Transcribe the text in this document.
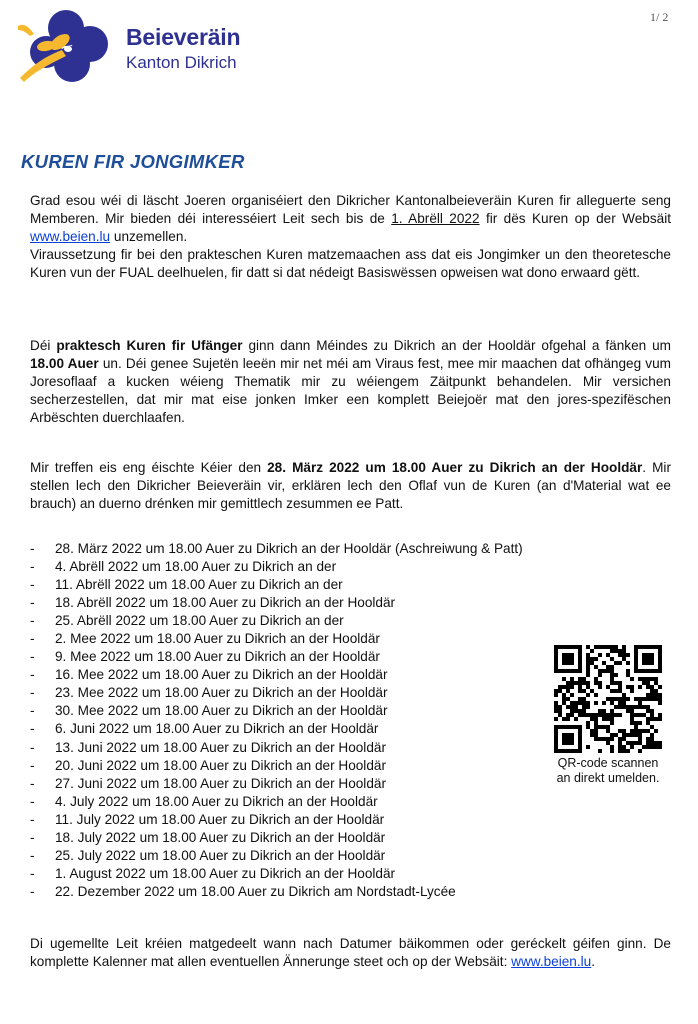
1/ 2
Beieveräin
Kanton Dikrich
KUREN FIR JONGIMKER

Grad esou wéi di läscht Joeren organiséiert den Dikricher Kantonalbeieveräin Kuren fir alleguerte seng Memberen. Mir bieden déi interesséiert Leit sech bis de 1. Abrëll 2022 fir dës Kuren op der Websäit www.beien.lu unzemellen.

Viraussetzung fir bei den prakteschen Kuren matzemaachen ass dat eis Jongimker un den theoretesche Kuren vun der FUAL deelhuelen, fir datt si dat nédeigt Basiswëssen opweisen wat dono erwaard gëtt.

Déi praktesch Kuren fir Ufänger ginn dann Méindes zu Dikrich an der Hooldär ofgehal a fänken um 18.00 Auer un. Déi genee Sujetën leeën mir net méi am Viraus fest, mee mir maachen dat ofhängeg vum Joresoflaaf a kucken wéieng Thematik mir zu wéiengem Zäitpunkt behandelen. Mir versichen secherzestellen, dat mir mat eise jonken Imker een komplett Beiejoër mat den jores-spezifëschen Arbëschten duerchlaafen.

Mir treffen eis eng éischte Kéier den 28. März 2022 um 18.00 Auer zu Dikrich an der Hooldär. Mir stellen lech den Dikricher Beieveräin vir, erklären lech den Oflaf vun de Kuren (an d'Material wat ee brauch) an duerno drénken mir gemittlech zesummen ee Patt.

-	28. März 2022 um 18.00 Auer zu Dikrich an der Hooldär (Aschreiwung & Patt)
-	4. Abrëll 2022 um 18.00 Auer zu Dikrich an der
-	11. Abrëll 2022 um 18.00 Auer zu Dikrich an der
-	18. Abrëll 2022 um 18.00 Auer zu Dikrich an der Hooldär
-	25. Abrëll 2022 um 18.00 Auer zu Dikrich an der
-	2. Mee 2022 um 18.00 Auer zu Dikrich an der Hooldär
-	9. Mee 2022 um 18.00 Auer zu Dikrich an der Hooldär
-	16. Mee 2022 um 18.00 Auer zu Dikrich an der Hooldär
-	23. Mee 2022 um 18.00 Auer zu Dikrich an der Hooldär
-	30. Mee 2022 um 18.00 Auer zu Dikrich an der Hooldär
-	6. Juni 2022 um 18.00 Auer zu Dikrich an der Hooldär
-	13. Juni 2022 um 18.00 Auer zu Dikrich an der Hooldär
-	20. Juni 2022 um 18.00 Auer zu Dikrich an der Hooldär
-	27. Juni 2022 um 18.00 Auer zu Dikrich an der Hooldär
-	4. July 2022 um 18.00 Auer zu Dikrich an der Hooldär
-	11. July 2022 um 18.00 Auer zu Dikrich an der Hooldär
-	18. July 2022 um 18.00 Auer zu Dikrich an der Hooldär
-	25. July 2022 um 18.00 Auer zu Dikrich an der Hooldär
-	1. August 2022 um 18.00 Auer zu Dikrich an der Hooldär
-	22. Dezember 2022 um 18.00 Auer zu Dikrich am Nordstadt-Lycée
QR-code scannen
an direkt umelden.

Di ugemellte Leit kréien matgedeelt wann nach Datumer bäikommen oder geréckelt géifen ginn. De komplette Kalenner mat allen eventuellen Ännerunge steet och op der Websäit: www.beien.lu.
